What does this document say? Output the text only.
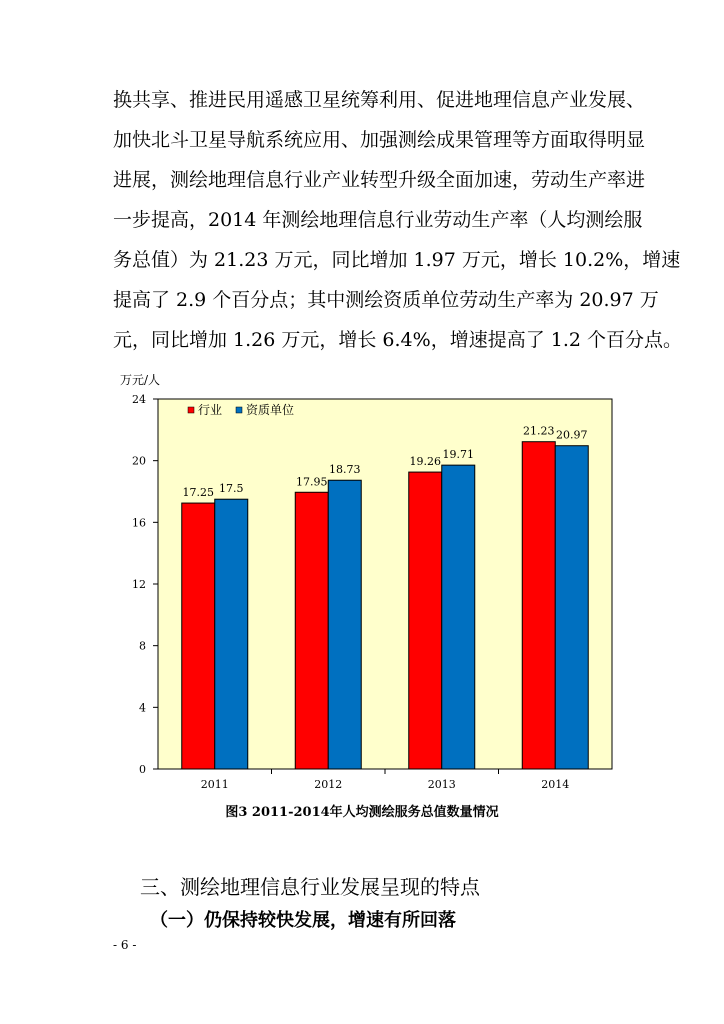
换共享、推进民用遥感卫星统筹利用、促进地理信息产业发展、
加快北斗卫星导航系统应用、加强测绘成果管理等方面取得明显
进展，测绘地理信息行业产业转型升级全面加速，劳动生产率进
一步提高，2014 年测绘地理信息行业劳动生产率（人均测绘服
务总值）为 21.23 万元，同比增加 1.97 万元，增长 10.2%，增速
提高了 2.9 个百分点；其中测绘资质单位劳动生产率为 20.97 万
元，同比增加 1.26 万元，增长 6.4%，增速提高了 1.2 个百分点。
万元/人
0
4
8
12
16
20
24
2011	2012	2013	2014
17.25
17.95
19.26
21.23
17.5
18.73
19.71
20.97
行业 资质单位
图3 2011-2014年人均测绘服务总值数量情况
三、测绘地理信息行业发展呈现的特点
（一）仍保持较快发展，增速有所回落
- 6 -
